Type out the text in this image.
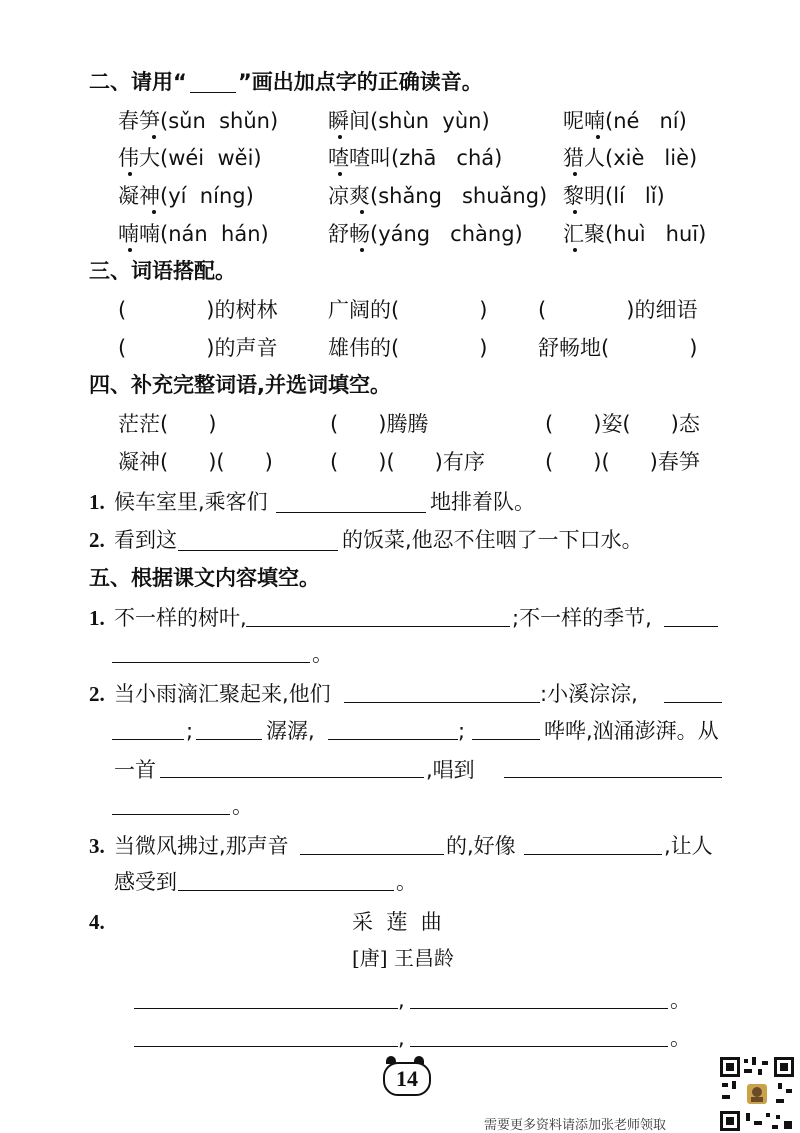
二、请用“ ”画出加点字的正确读音。
春笋(sǔn  shǔn) 瞬间(shùn  yùn)	呢喃(né   ní)
伟大(wéi  wěi)	喳喳叫(zhā   chá)	猎人(xiè   liè)
凝神(yí  níng)	凉爽(shǎng   shuǎng) 黎明(lí   lǐ)
喃喃(nán  hán)	舒畅(yáng   chàng) 汇聚(huì   huī)
三、词语搭配。
(            )的树林 广阔的(            ) (            )的细语
(            )的声音 雄伟的(            ) 舒畅地(            )
四、补充完整词语,并选词填空。
茫茫(      )	(      )腾腾	(      )姿(      )态
凝神(      )(      )	(      )(      )有序	(      )(      )春笋
1. 候车室里,乘客们	地排着队。
2. 看到这	的饭菜,他忍不住咽了一下口水。
五、根据课文内容填空。
1. 不一样的树叶,	;不一样的季节,
。
2. 当小雨滴汇聚起来,他们	:小溪淙淙,
;	潺潺,	;	哗哗,汹涌澎湃。从
一首	,唱到
。
3. 当微风拂过,那声音	的,好像	,让人
感受到	。
4.	采  莲  曲
[唐] 王昌龄
,	。
,	。
14
需要更多资料请添加张老师领取
